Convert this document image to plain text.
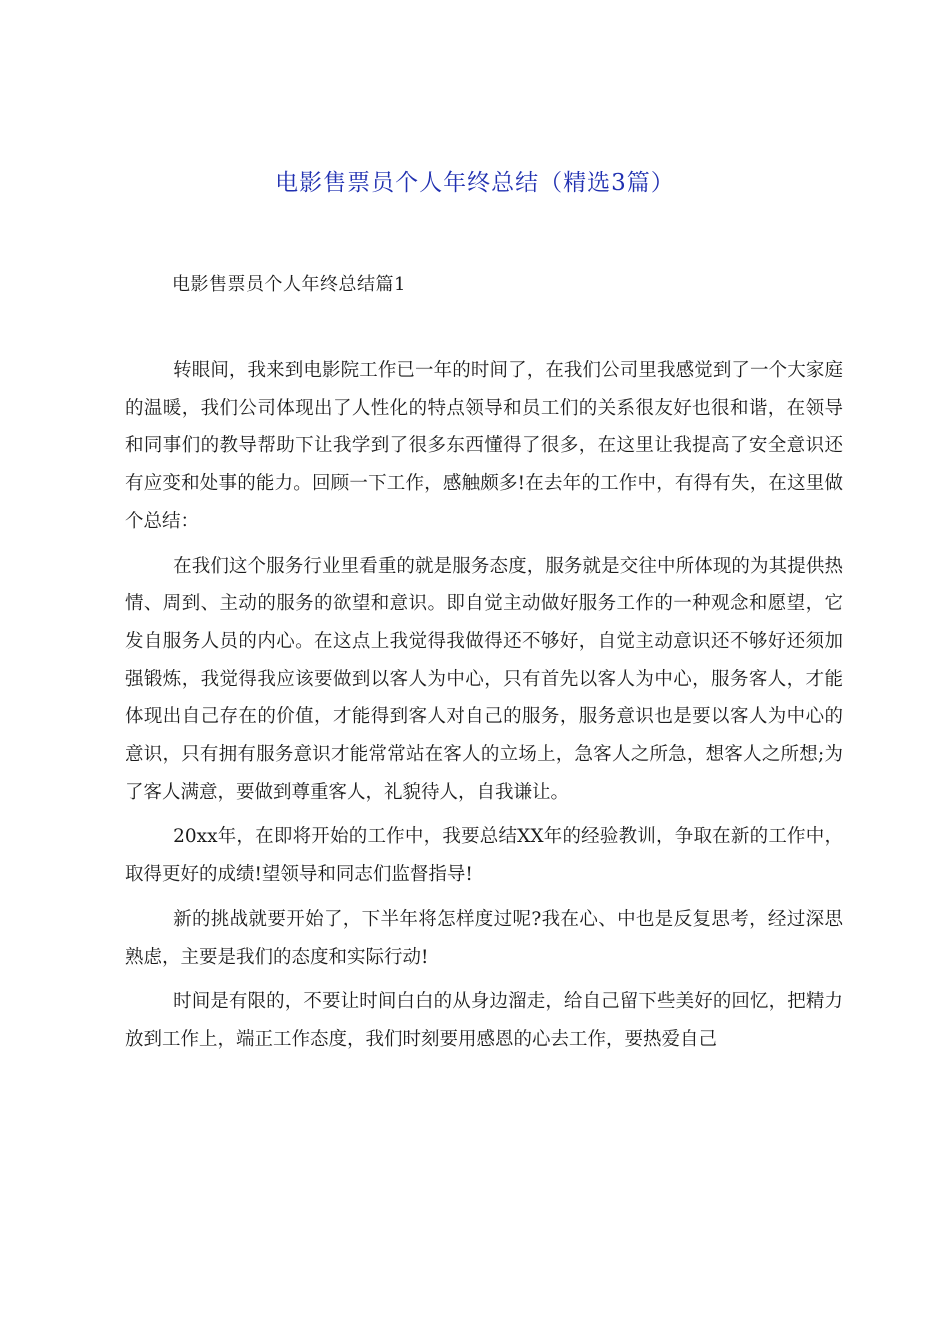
电影售票员个人年终总结（精选3篇）
电影售票员个人年终总结篇1

转眼间，我来到电影院工作已一年的时间了，在我们公司里我感觉到了一个大家庭的温暖，我们公司体现出了人性化的特点领导和员工们的关系很友好也很和谐，在领导和同事们的教导帮助下让我学到了很多东西懂得了很多，在这里让我提高了安全意识还有应变和处事的能力。回顾一下工作，感触颇多!在去年的工作中，有得有失，在这里做个总结：

在我们这个服务行业里看重的就是服务态度，服务就是交往中所体现的为其提供热情、周到、主动的服务的欲望和意识。即自觉主动做好服务工作的一种观念和愿望，它发自服务人员的内心。在这点上我觉得我做得还不够好，自觉主动意识还不够好还须加强锻炼，我觉得我应该要做到以客人为中心，只有首先以客人为中心，服务客人，才能体现出自己存在的价值，才能得到客人对自己的服务，服务意识也是要以客人为中心的意识，只有拥有服务意识才能常常站在客人的立场上，急客人之所急，想客人之所想;为了客人满意，要做到尊重客人，礼貌待人，自我谦让。

20xx年，在即将开始的工作中，我要总结XX年的经验教训，争取在新的工作中，取得更好的成绩!望领导和同志们监督指导!

新的挑战就要开始了，下半年将怎样度过呢?我在心、中也是反复思考，经过深思熟虑，主要是我们的态度和实际行动!

时间是有限的，不要让时间白白的从身边溜走，给自己留下些美好的回忆，把精力放到工作上，端正工作态度，我们时刻要用感恩的心去工作，要热爱自己
